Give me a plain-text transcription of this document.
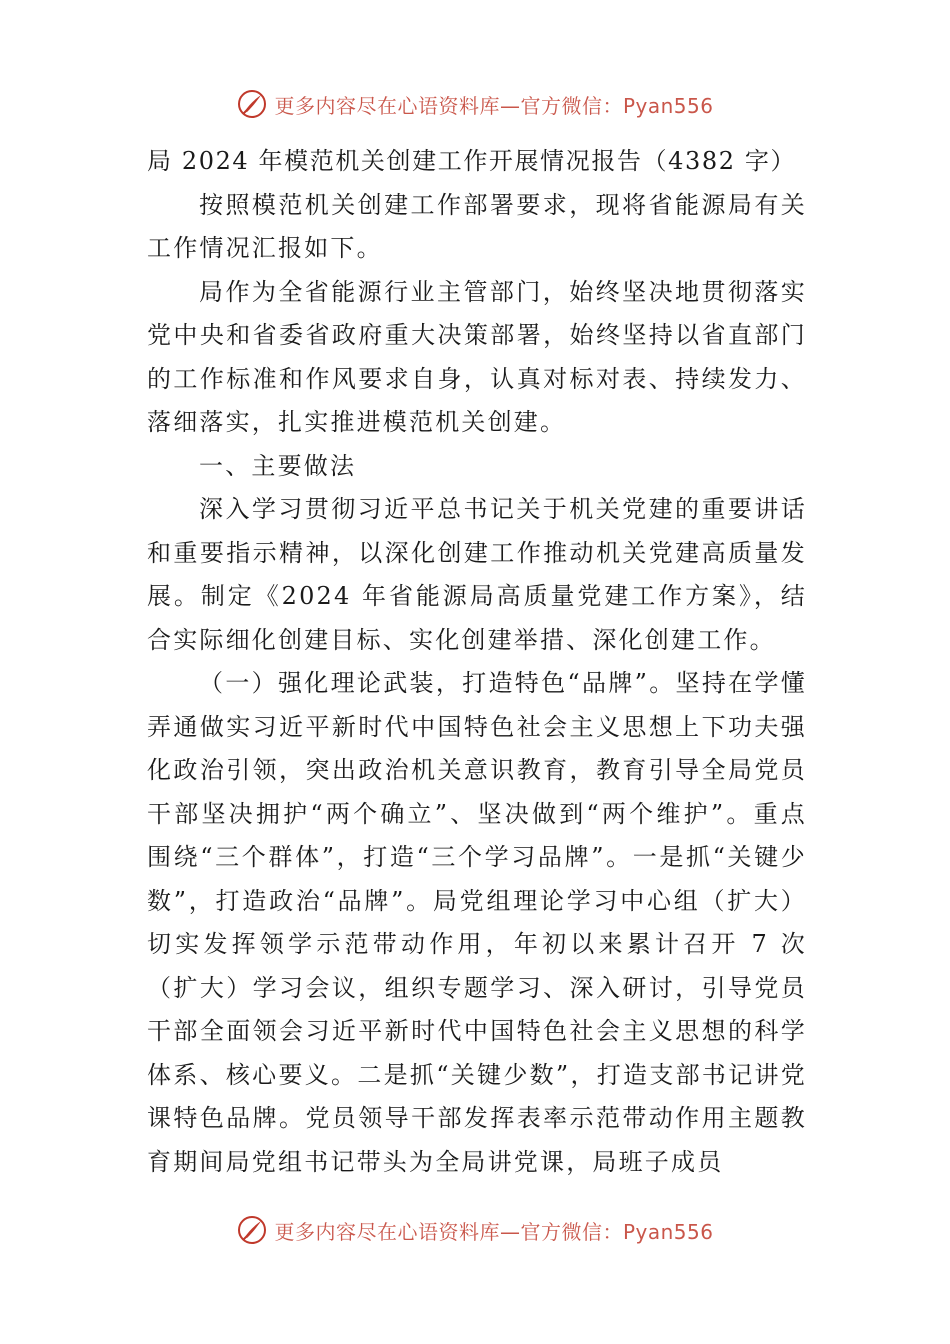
更多内容尽在心语资料库—官方微信：Pyan556

局 2024 年模范机关创建工作开展情况报告（4382 字）

按照模范机关创建工作部署要求，现将省能源局有关工作情况汇报如下。

局作为全省能源行业主管部门，始终坚决地贯彻落实党中央和省委省政府重大决策部署，始终坚持以省直部门的工作标准和作风要求自身，认真对标对表、持续发力、落细落实，扎实推进模范机关创建。

一、主要做法

深入学习贯彻习近平总书记关于机关党建的重要讲话和重要指示精神，以深化创建工作推动机关党建高质量发展。制定《2024 年省能源局高质量党建工作方案》，结合实际细化创建目标、实化创建举措、深化创建工作。

（一）强化理论武装，打造特色“品牌”。坚持在学懂弄通做实习近平新时代中国特色社会主义思想上下功夫强化政治引领，突出政治机关意识教育，教育引导全局党员干部坚决拥护“两个确立”、坚决做到“两个维护”。重点围绕“三个群体”，打造“三个学习品牌”。一是抓“关键少数”，打造政治“品牌”。局党组理论学习中心组（扩大）切实发挥领学示范带动作用，年初以来累计召开 7 次（扩大）学习会议，组织专题学习、深入研讨，引导党员干部全面领会习近平新时代中国特色社会主义思想的科学体系、核心要义。二是抓“关键少数”，打造支部书记讲党课特色品牌。党员领导干部发挥表率示范带动作用主题教育期间局党组书记带头为全局讲党课，局班子成员

更多内容尽在心语资料库—官方微信：Pyan556
